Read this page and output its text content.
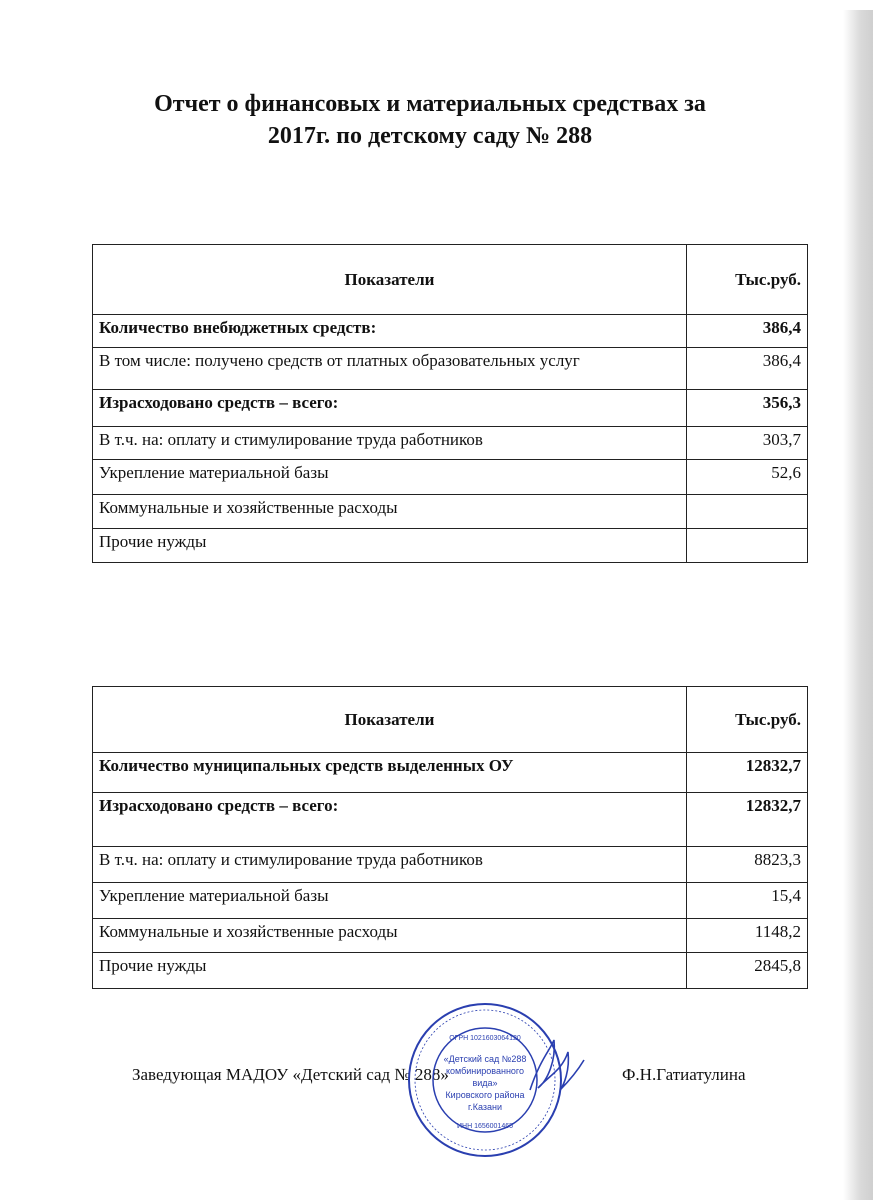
Отчет о финансовых и материальных средствах за
2017г. по детскому саду № 288
Показатели	Тыс.руб.
Количество внебюджетных средств:	386,4
В том числе: получено средств от платных образовательных услуг	386,4
Израсходовано средств – всего:	356,3
В т.ч. на: оплату и стимулирование труда работников	303,7
Укрепление материальной базы	52,6
Коммунальные и хозяйственные расходы	
Прочие нужды	
Показатели	Тыс.руб.
Количество муниципальных средств выделенных ОУ	12832,7
Израсходовано средств – всего:	12832,7
В т.ч. на: оплату и стимулирование труда работников	8823,3
Укрепление материальной базы	15,4
Коммунальные и хозяйственные расходы	1148,2
Прочие нужды	2845,8
Заведующая МАДОУ «Детский сад № 288»	Ф.Н.Гатиатулина
«Детский сад №288
комбинированного
вида»
Кировского района
г.Казани
ОГРН 1021603064120
ИНН 1656001465
